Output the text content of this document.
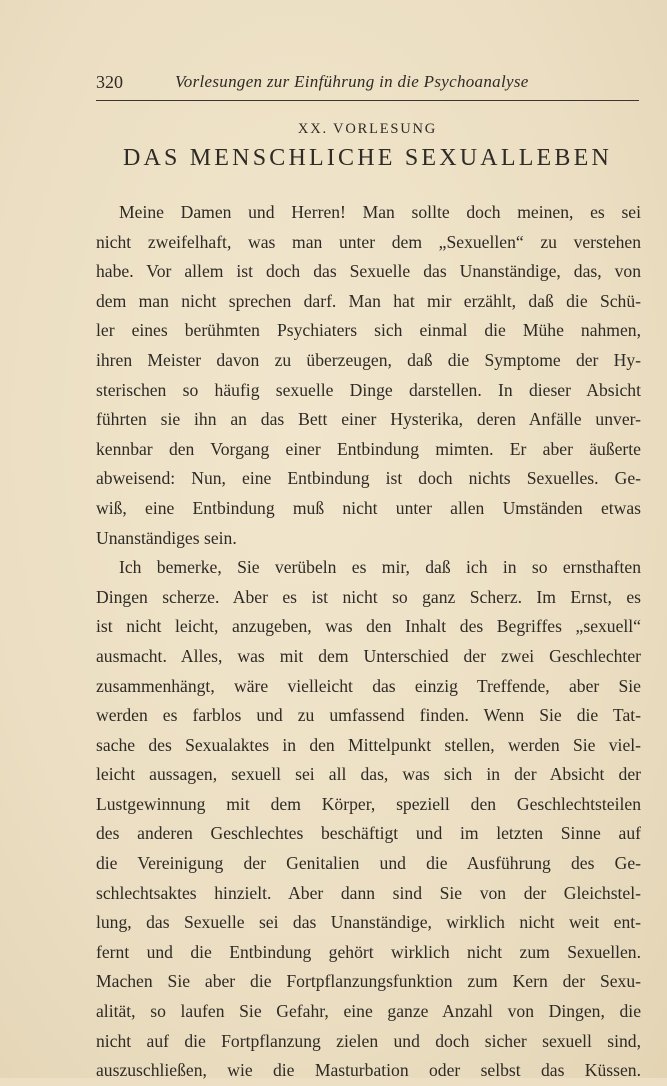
320	Vorlesungen zur Einführung in die Psychoanalyse
XX. VORLESUNG
DAS MENSCHLICHE SEXUALLEBEN
Meine Damen und Herren! Man sollte doch meinen, es sei
nicht zweifelhaft, was man unter dem „Sexuellen“ zu verstehen
habe. Vor allem ist doch das Sexuelle das Unanständige, das, von
dem man nicht sprechen darf. Man hat mir erzählt, daß die Schü-
ler eines berühmten Psychiaters sich einmal die Mühe nahmen,
ihren Meister davon zu überzeugen, daß die Symptome der Hy-
sterischen so häufig sexuelle Dinge darstellen. In dieser Absicht
führten sie ihn an das Bett einer Hysterika, deren Anfälle unver-
kennbar den Vorgang einer Entbindung mimten. Er aber äußerte
abweisend: Nun, eine Entbindung ist doch nichts Sexuelles. Ge-
wiß, eine Entbindung muß nicht unter allen Umständen etwas
Unanständiges sein.
Ich bemerke, Sie verübeln es mir, daß ich in so ernsthaften
Dingen scherze. Aber es ist nicht so ganz Scherz. Im Ernst, es
ist nicht leicht, anzugeben, was den Inhalt des Begriffes „sexuell“
ausmacht. Alles, was mit dem Unterschied der zwei Geschlechter
zusammenhängt, wäre vielleicht das einzig Treffende, aber Sie
werden es farblos und zu umfassend finden. Wenn Sie die Tat-
sache des Sexualaktes in den Mittelpunkt stellen, werden Sie viel-
leicht aussagen, sexuell sei all das, was sich in der Absicht der
Lustgewinnung mit dem Körper, speziell den Geschlechtsteilen
des anderen Geschlechtes beschäftigt und im letzten Sinne auf
die Vereinigung der Genitalien und die Ausführung des Ge-
schlechtsaktes hinzielt. Aber dann sind Sie von der Gleichstel-
lung, das Sexuelle sei das Unanständige, wirklich nicht weit ent-
fernt und die Entbindung gehört wirklich nicht zum Sexuellen.
Machen Sie aber die Fortpflanzungsfunktion zum Kern der Sexu-
alität, so laufen Sie Gefahr, eine ganze Anzahl von Dingen, die
nicht auf die Fortpflanzung zielen und doch sicher sexuell sind,
auszuschließen, wie die Masturbation oder selbst das Küssen.
